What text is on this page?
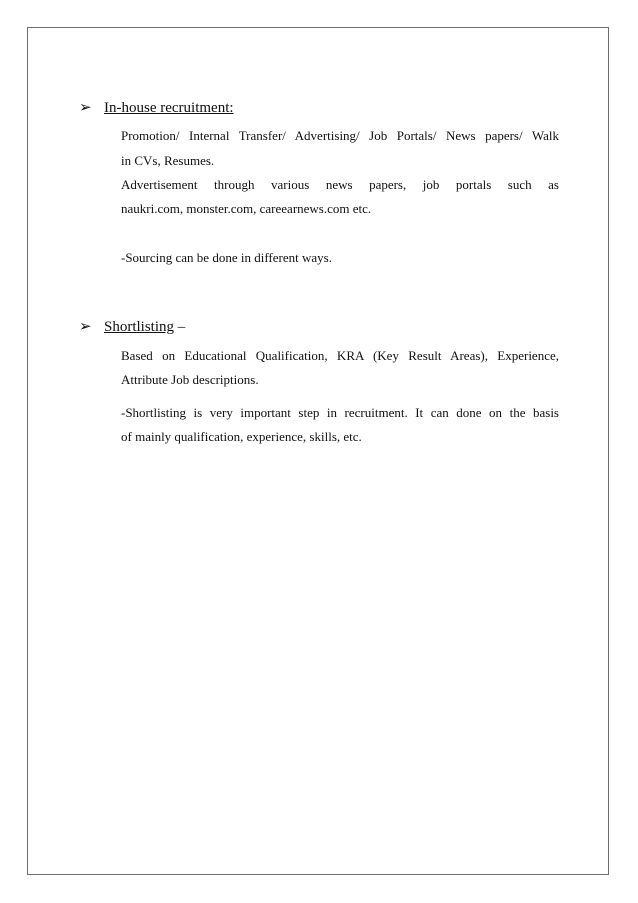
➢ In-house recruitment:
Promotion/ Internal Transfer/ Advertising/ Job Portals/ News papers/ Walk
in CVs, Resumes.
Advertisement through various news papers, job portals such as
naukri.com, monster.com, careearnews.com etc.
-Sourcing can be done in different ways.
➢ Shortlisting –
Based on Educational Qualification, KRA (Key Result Areas), Experience,
Attribute Job descriptions.
-Shortlisting is very important step in recruitment. It can done on the basis
of mainly qualification, experience, skills, etc.
